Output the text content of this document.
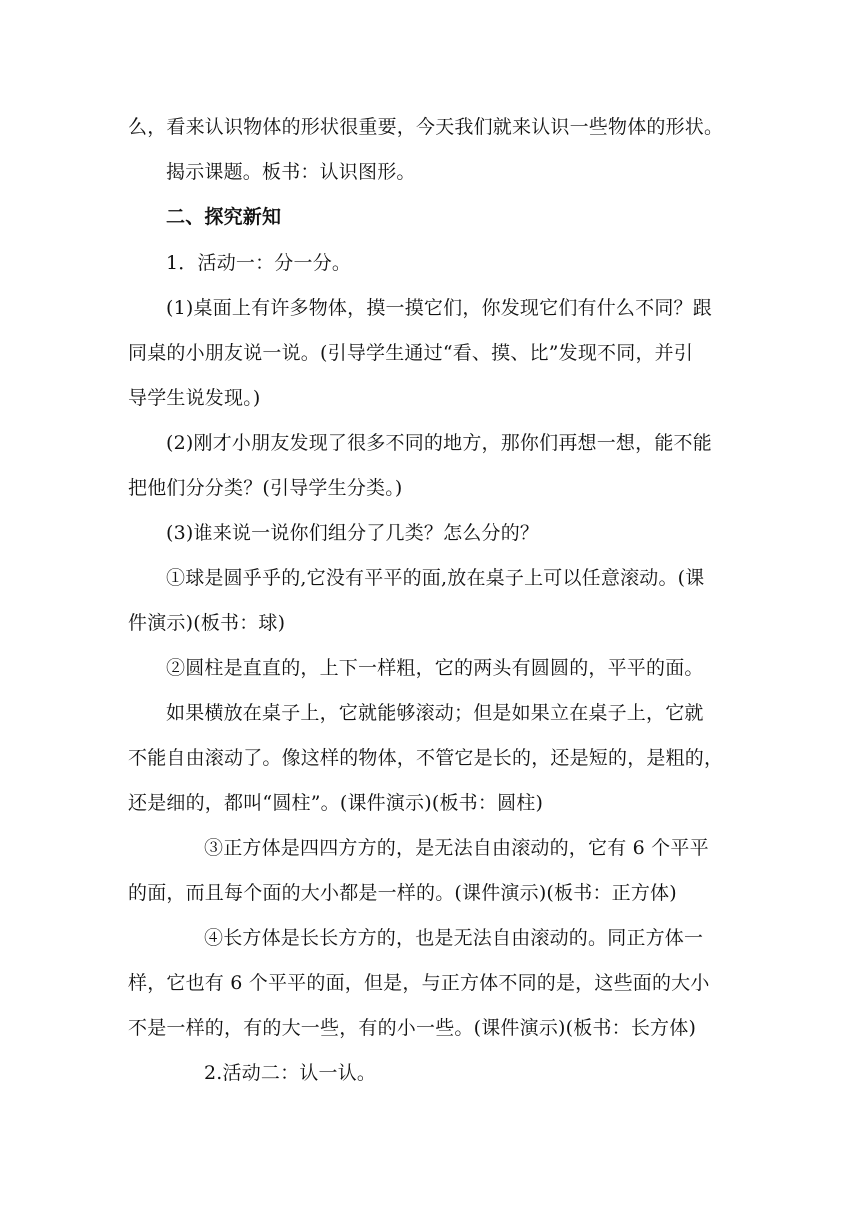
么，看来认识物体的形状很重要，今天我们就来认识一些物体的形状。
揭示课题。板书：认识图形。
二、探究新知
1．活动一：分一分。
(1)桌面上有许多物体，摸一摸它们，你发现它们有什么不同？跟
同桌的小朋友说一说。(引导学生通过“看、摸、比”发现不同，并引
导学生说发现。)
(2)刚才小朋友发现了很多不同的地方，那你们再想一想，能不能
把他们分分类？(引导学生分类。)
(3)谁来说一说你们组分了几类？怎么分的？
①球是圆乎乎的,它没有平平的面,放在桌子上可以任意滚动。(课
件演示)(板书：球)
②圆柱是直直的，上下一样粗，它的两头有圆圆的，平平的面。
如果横放在桌子上，它就能够滚动；但是如果立在桌子上，它就
不能自由滚动了。像这样的物体，不管它是长的，还是短的，是粗的，
还是细的，都叫“圆柱”。(课件演示)(板书：圆柱)
③正方体是四四方方的，是无法自由滚动的，它有 6 个平平
的面，而且每个面的大小都是一样的。(课件演示)(板书：正方体)
④长方体是长长方方的，也是无法自由滚动的。同正方体一
样，它也有 6 个平平的面，但是，与正方体不同的是，这些面的大小
不是一样的，有的大一些，有的小一些。(课件演示)(板书：长方体)
2.活动二：认一认。
